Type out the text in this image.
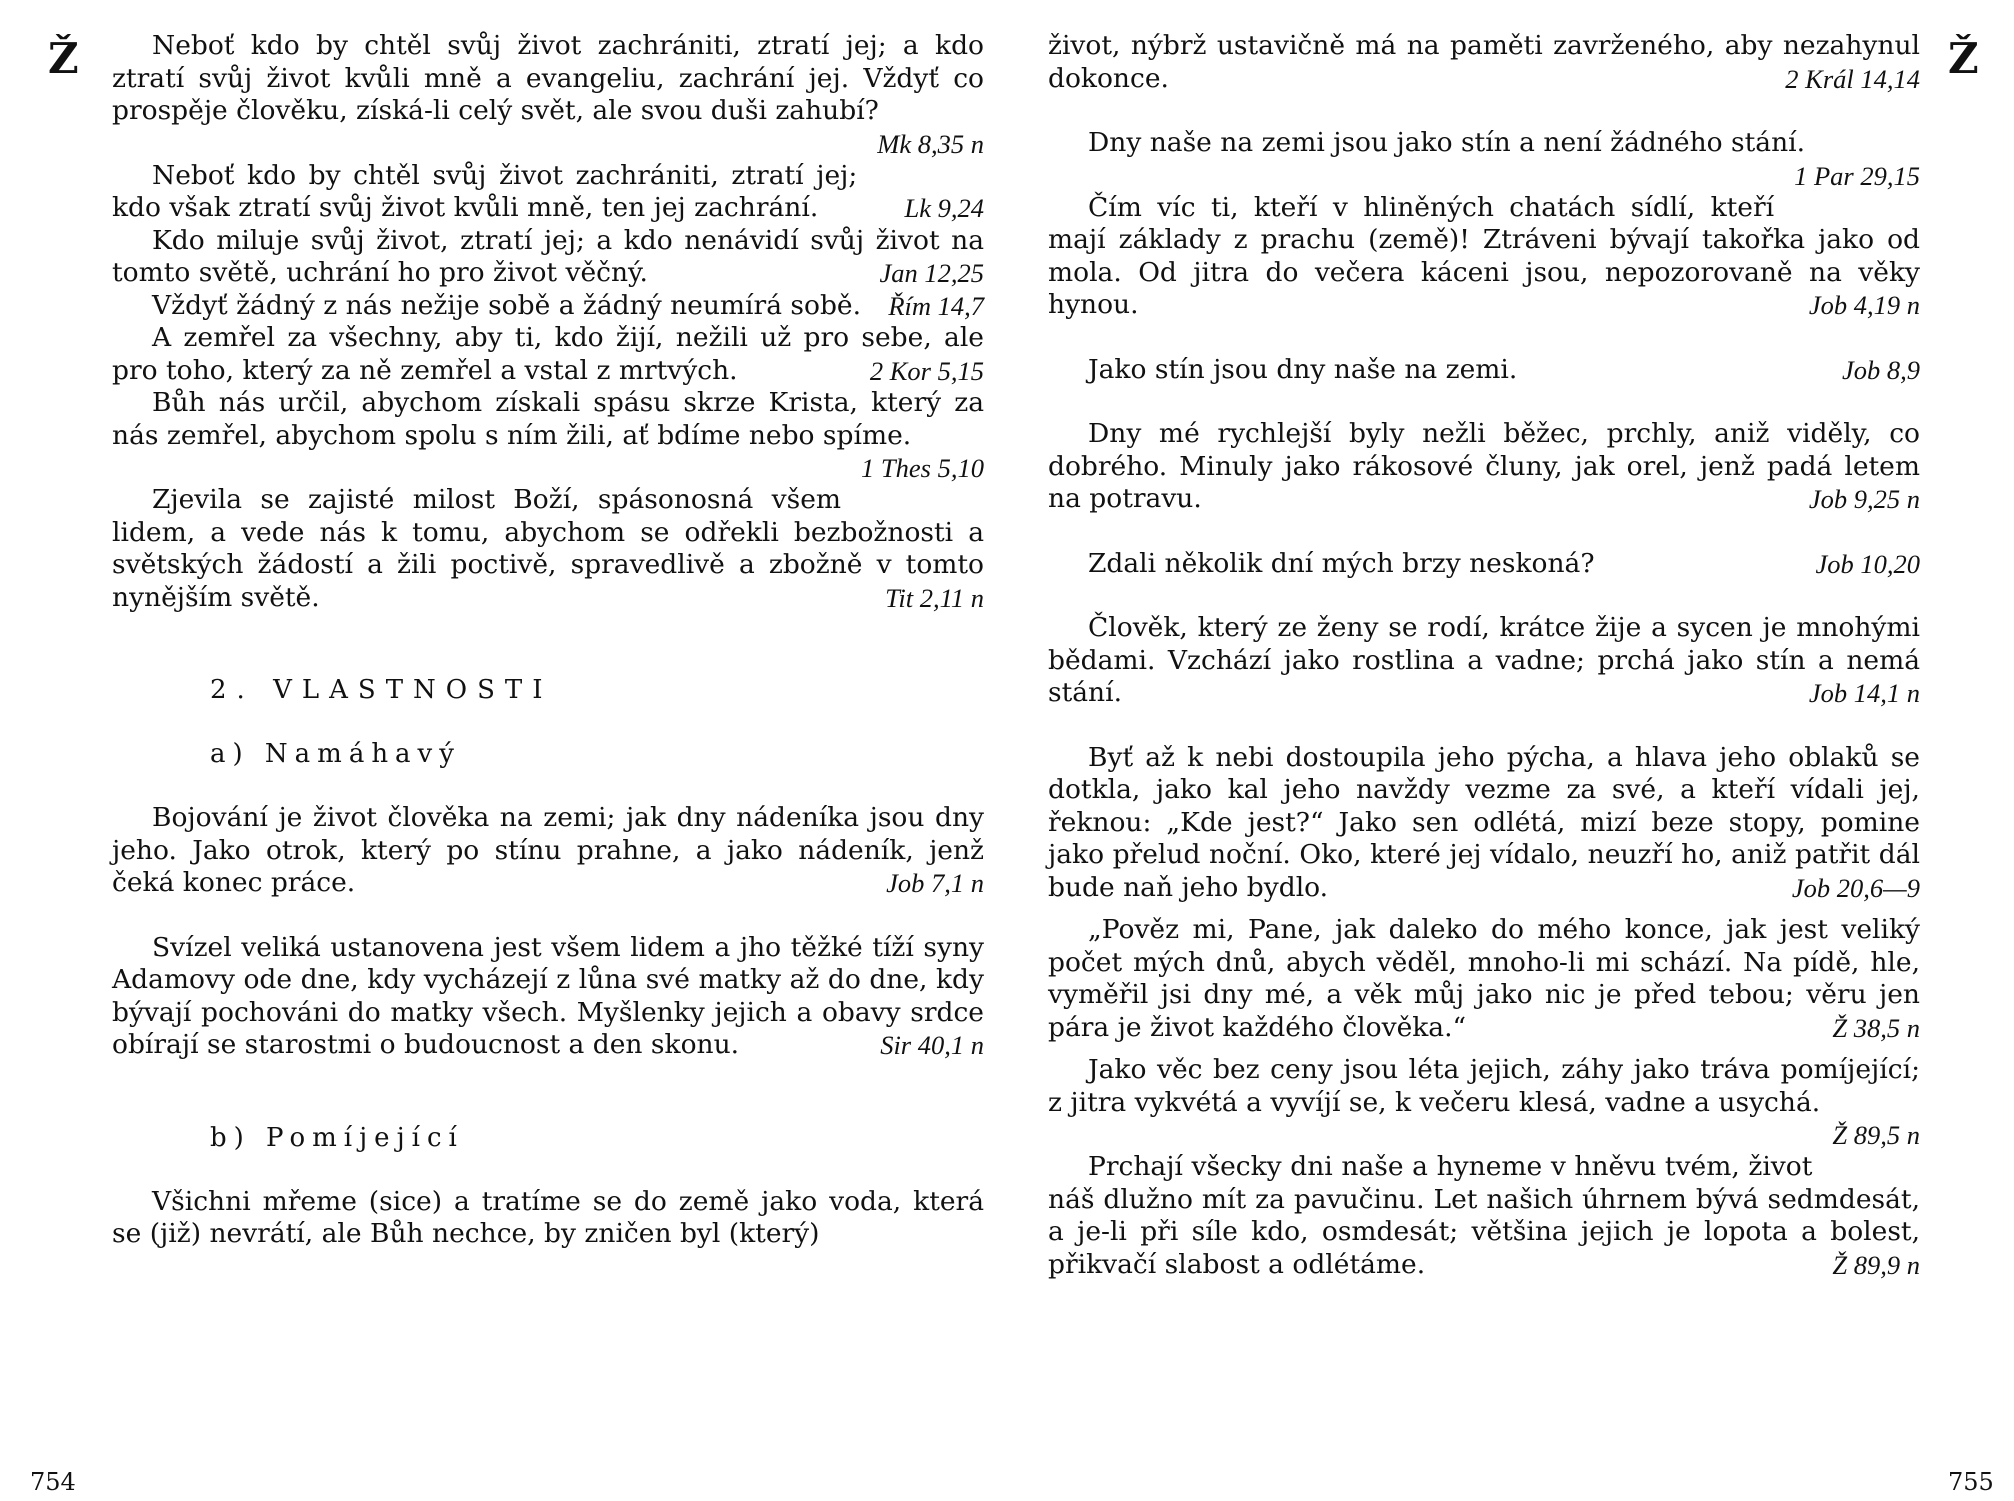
Ž	Ž

Neboť kdo by chtěl svůj život zachrániti, ztratí jej; a kdo ztratí svůj život kvůli mně a evangeliu, zachrání jej. Vždyť co prospěje člověku, získá-li celý svět, ale svou duši zahubí?
Mk 8,35 n

Neboť kdo by chtěl svůj život zachrániti, ztratí jej; kdo však ztratí svůj život kvůli mně, ten jej zachrání.	Lk 9,24

Kdo miluje svůj život, ztratí jej; a kdo nenávidí svůj život na tomto světě, uchrání ho pro život věčný.	Jan 12,25

Vždyť žádný z nás nežije sobě a žádný neumírá sobě.	Řím 14,7

A zemřel za všechny, aby ti, kdo žijí, nežili už pro sebe, ale pro toho, který za ně zemřel a vstal z mrtvých.	2 Kor 5,15

Bůh nás určil, abychom získali spásu skrze Krista, který za nás zemřel, abychom spolu s ním žili, ať bdíme nebo spíme.
1 Thes 5,10

Zjevila se zajisté milost Boží, spásonosná všem lidem, a vede nás k tomu, abychom se odřekli bezbožnosti a světských žádostí a žili poctivě, spravedlivě a zbožně v tomto nynějším světě.	Tit 2,11 n

2. VLASTNOSTI

a) Namáhavý

Bojování je život člověka na zemi; jak dny nádeníka jsou dny jeho. Jako otrok, který po stínu prahne, a jako nádeník, jenž čeká konec práce.	Job 7,1 n

Svízel veliká ustanovena jest všem lidem a jho těžké tíží syny Adamovy ode dne, kdy vycházejí z lůna své matky až do dne, kdy bývají pochováni do matky všech. Myšlenky jejich a obavy srdce obírají se starostmi o budoucnost a den skonu.	Sir 40,1 n

b) Pomíjející

Všichni mřeme (sice) a tratíme se do země jako voda, která se (již) nevrátí, ale Bůh nechce, by zničen byl (který)

život, nýbrž ustavičně má na paměti zavrženého, aby nezahynul dokonce.	2 Král 14,14

Dny naše na zemi jsou jako stín a není žádného stání.
1 Par 29,15

Čím víc ti, kteří v hliněných chatách sídlí, kteří mají základy z prachu (země)! Ztráveni bývají takořka jako od mola. Od jitra do večera káceni jsou, nepozorovaně na věky hynou.	Job 4,19 n

Jako stín jsou dny naše na zemi.	Job 8,9

Dny mé rychlejší byly nežli běžec, prchly, aniž viděly, co dobrého. Minuly jako rákosové čluny, jak orel, jenž padá letem na potravu.	Job 9,25 n

Zdali několik dní mých brzy neskoná?	Job 10,20

Člověk, který ze ženy se rodí, krátce žije a sycen je mnohými bědami. Vzchází jako rostlina a vadne; prchá jako stín a nemá stání.	Job 14,1 n

Byť až k nebi dostoupila jeho pýcha, a hlava jeho oblaků se dotkla, jako kal jeho navždy vezme za své, a kteří vídali jej, řeknou: „Kde jest?“ Jako sen odlétá, mizí beze stopy, pomine jako přelud noční. Oko, které jej vídalo, neuzří ho, aniž patřit dál bude naň jeho bydlo.	Job 20,6—9

„Pověz mi, Pane, jak daleko do mého konce, jak jest veliký počet mých dnů, abych věděl, mnoho-li mi schází. Na pídě, hle, vyměřil jsi dny mé, a věk můj jako nic je před tebou; věru jen pára je život každého člověka.“	Ž 38,5 n

Jako věc bez ceny jsou léta jejich, záhy jako tráva pomíjející; z jitra vykvétá a vyvíjí se, k večeru klesá, vadne a usychá.
Ž 89,5 n

Prchají všecky dni naše a hyneme v hněvu tvém, život náš dlužno mít za pavučinu. Let našich úhrnem bývá sedmdesát, a je-li při síle kdo, osmdesát; většina jejich je lopota a bolest, přikvačí slabost a odlétáme.	Ž 89,9 n

754	755
